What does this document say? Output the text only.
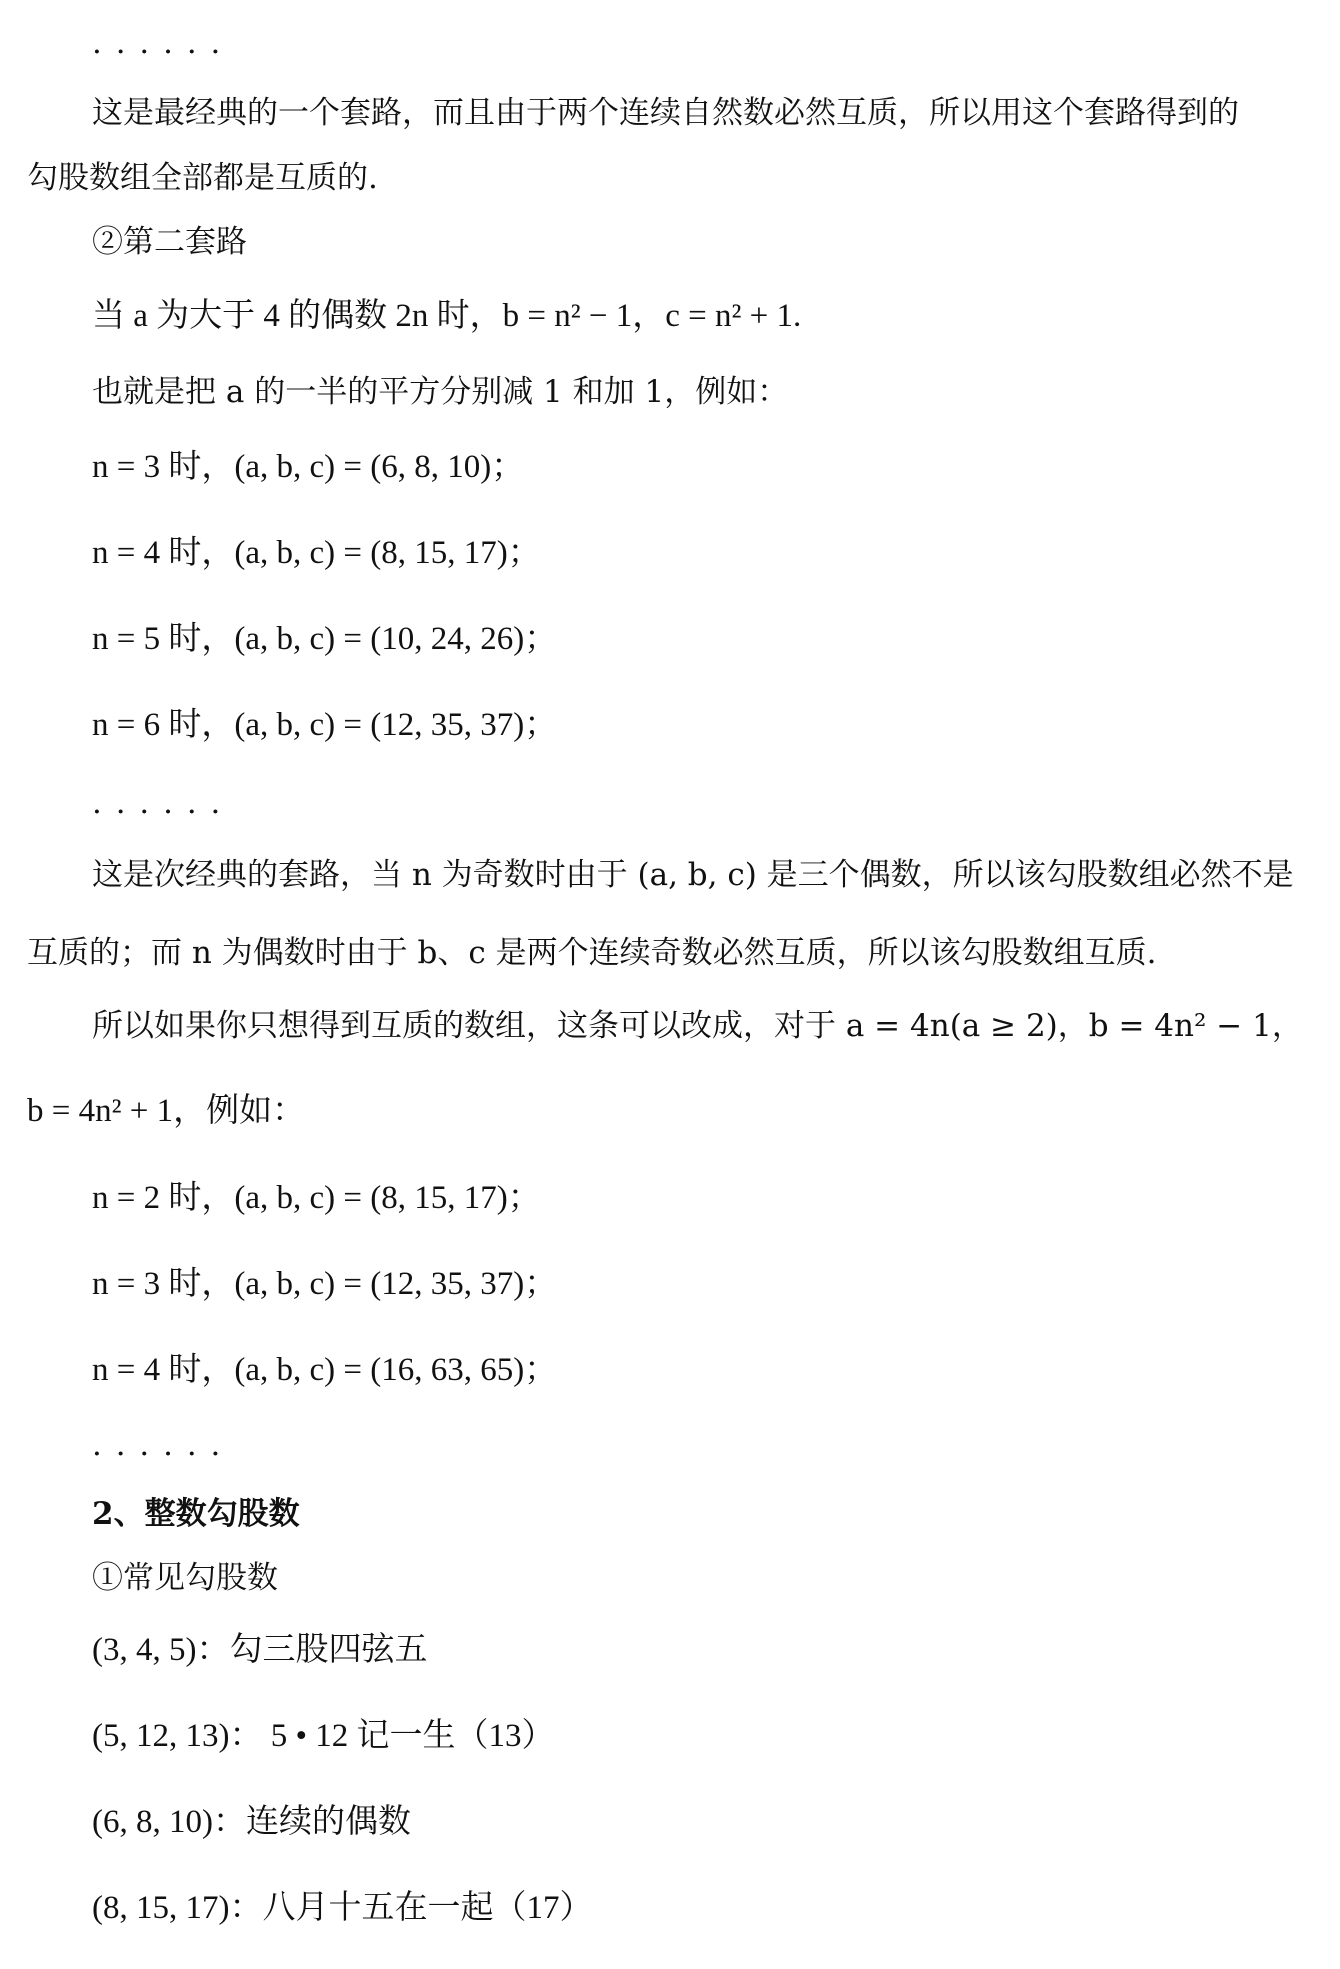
· · · · · ·
这是最经典的一个套路，而且由于两个连续自然数必然互质，所以用这个套路得到的
勾股数组全部都是互质的.
②第二套路
当 a 为大于 4 的偶数 2n 时，b = n² − 1，c = n² + 1.
也就是把 a 的一半的平方分别减 1 和加 1，例如：
n = 3 时，(a, b, c) = (6, 8, 10)；
n = 4 时，(a, b, c) = (8, 15, 17)；
n = 5 时，(a, b, c) = (10, 24, 26)；
n = 6 时，(a, b, c) = (12, 35, 37)；
· · · · · ·
这是次经典的套路，当 n 为奇数时由于 (a, b, c) 是三个偶数，所以该勾股数组必然不是
互质的；而 n 为偶数时由于 b、c 是两个连续奇数必然互质，所以该勾股数组互质.
所以如果你只想得到互质的数组，这条可以改成，对于 a = 4n(a ≥ 2)，b = 4n² − 1，
b = 4n² + 1，例如：
n = 2 时，(a, b, c) = (8, 15, 17)；
n = 3 时，(a, b, c) = (12, 35, 37)；
n = 4 时，(a, b, c) = (16, 63, 65)；
· · · · · ·
2、整数勾股数
①常见勾股数
(3, 4, 5)：勾三股四弦五
(5, 12, 13)： 5 • 12 记一生（13）
(6, 8, 10)：连续的偶数
(8, 15, 17)：八月十五在一起（17）
